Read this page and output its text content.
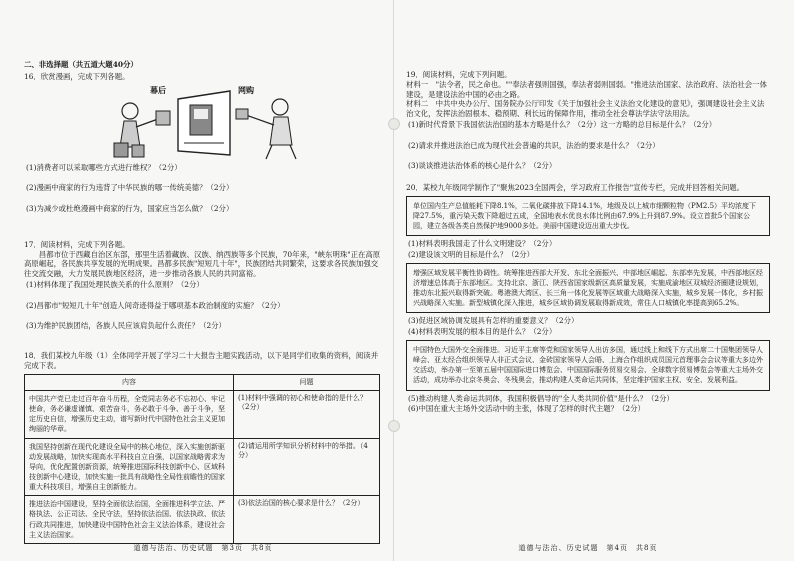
二、非选择题（共五道大题40分）

16．欣赏漫画，完成下列各题。

幕后	网购

(1)消费者可以采取哪些方式进行维权？（2分）

(2)漫画中商家的行为违背了中华民族的哪一传统美德？（2分）

(3)为减少或杜绝漫画中商家的行为，国家应当怎么做？（2分）

17．阅读材料，完成下列各题。

昌都市位于西藏自治区东部，那里生活着藏族、汉族、纳西族等多个民族，70年来，"峡东明珠"正在高原高原崛起，各民族共享发展的光明成果。昌都多民族"短短几十年"，民族团结共同繁荣，这要求各民族加强交往交流交融，大力发展民族地区经济，进一步推动各族人民的共同富裕。

(1)材料体现了我国处理民族关系的什么原则？（2分）

(2)昌都市"短短几十年"创造人间奇迹得益于哪项基本政治制度的实施？（2分）

(3)为维护民族团结，各族人民应该肩负起什么责任？（2分）

18．我们某校九年级（1）全体同学开展了学习二十大报告主题实践活动，以下是同学们收集的资料，阅读并完成下表。

内容	问题
中国共产党已走过百年奋斗历程，全党同志务必不忘初心、牢记使命，务必谦虚谨慎、艰苦奋斗，务必敢于斗争、善于斗争，坚定历史自信，增强历史主动，谱写新时代中国特色社会主义更加绚丽的华章。	(1)材料中强调的初心和使命指的是什么？（2分）
我国坚持创新在现代化建设全局中的核心地位，深入实施创新驱动发展战略，加快实现高水平科技自立自强，以国家战略需求为导向，优化配置创新资源，统筹推进国际科技创新中心、区域科技创新中心建设，加快实施一批具有战略性全局性前瞻性的国家重大科技项目，增强自主创新能力。	(2)请运用所学知识分析材料中的举措。（4分）
推进法治中国建设，坚持全面依法治国，全面推进科学立法、严格执法、公正司法、全民守法，坚持依法治国、依法执政、依法行政共同推进，加快建设中国特色社会主义法治体系，建设社会主义法治国家。	(3)依法治国的核心要求是什么？（2分）
道德与法治、历史试题　第3页　共8页

19．阅读材料，完成下列问题。

材料一　"法令者，民之命也。""奉法者强则国强，奉法者弱则国弱。"推进法治国家、法治政府、法治社会一体建设，是建设法治中国的必由之路。

材料二　中共中央办公厅、国务院办公厅印发《关于加强社会主义法治文化建设的意见》，强调建设社会主义法治文化，发挥法治固根本、稳预期、利长远的保障作用，推动全社会尊法学法守法用法。

(1)新时代背景下我国依法治国的基本方略是什么？（2分）这一方略的总目标是什么？（2分）

(2)请求并推进法治已成为现代社会普遍的共识，法治的要求是什么？（2分）

(3)谈谈推进法治体系的核心是什么？（2分）

20．某校九年级同学制作了"聚焦2023全国两会，学习政府工作报告"宣传专栏，完成并回答相关问题。

单位国内生产总值能耗下降8.1%，二氧化碳排放下降14.1%，地级及以上城市细颗粒物（PM2.5）平均浓度下降27.5%，重污染天数下降超过五成，全国地表水优良水体比例由67.9%上升到87.9%。设立首批5个国家公园，建立各级各类自然保护地9000多处。美丽中国建设迈出重大步伐。

(1)材料表明我国走了什么文明建设？（2分）

(2)建设该文明的目标是什么？（2分）

增强区域发展平衡性协调性。统筹推进西部大开发、东北全面振兴、中部地区崛起、东部率先发展，中西部地区经济增速总体高于东部地区。支持北京、浙江、陕西省国家级新区高质量发展，实施成渝地区双城经济圈建设规划，推动东北振兴取得新突破。粤港澳大湾区、长三角一体化发展等区域重大战略深入实施，城乡发展一体化，乡村振兴战略深入实施。新型城镇化深入推进，城乡区域协调发展取得新成效，常住人口城镇化率提高到65.2%。

(3)促进区域协调发展具有怎样的重要意义？（2分）

(4)材料表明发展的根本目的是什么？（2分）

中国特色大国外交全面推进。习近平主席等党和国家领导人出访多国，通过线上和线下方式出席二十国集团领导人峰会、亚太经合组织领导人非正式会议、金砖国家领导人会晤、上海合作组织成员国元首理事会会议等重大多边外交活动，举办第一至第五届中国国际进口博览会、中国国际服务贸易交易会、全球数字贸易博览会等重大主场外交活动，成功举办北京冬奥会、冬残奥会，推动构建人类命运共同体，坚定维护国家主权、安全、发展利益。

(5)推动构建人类命运共同体，我国积极倡导的"全人类共同价值"是什么？（2分）

(6)中国在重大主场外交活动中的主张，体现了怎样的时代主题？（2分）

道德与法治、历史试题　第4页　共8页
